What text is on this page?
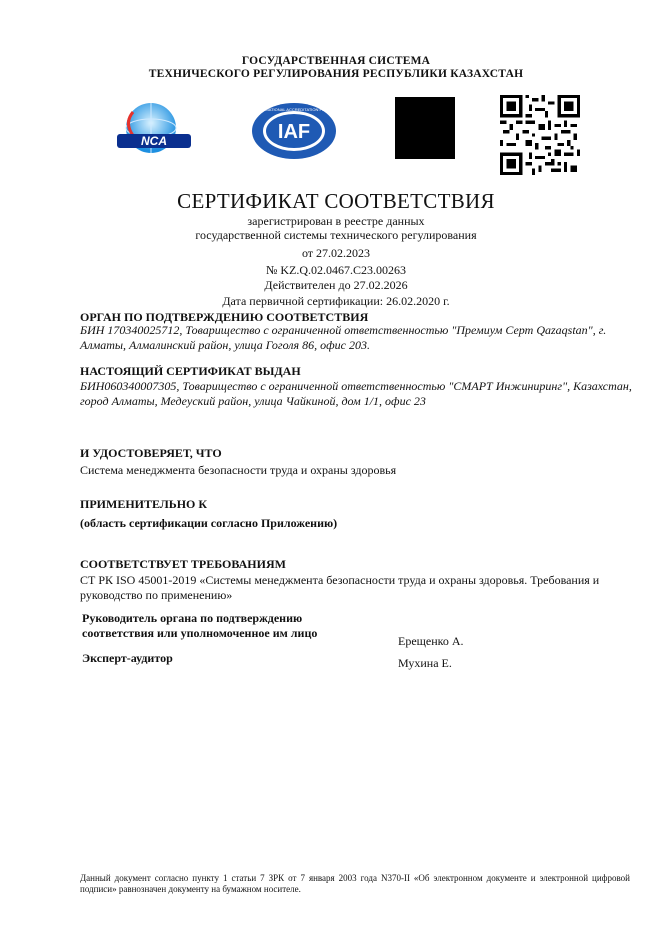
ГОСУДАРСТВЕННАЯ СИСТЕМА
ТЕХНИЧЕСКОГО РЕГУЛИРОВАНИЯ РЕСПУБЛИКИ КАЗАХСТАН
NCA	IAF
INTERNATIONAL ACCREDITATION FORUM
СЕРТИФИКАТ СООТВЕТСТВИЯ
зарегистрирован в реестре данных
государственной системы технического регулирования
от 27.02.2023
№ KZ.Q.02.0467.C23.00263
Действителен до 27.02.2026
Дата первичной сертификации: 26.02.2020 г.
ОРГАН ПО ПОДТВЕРЖДЕНИЮ СООТВЕТСТВИЯ
БИН 170340025712, Товарищество с ограниченной ответственностью "Премиум Серт Qazaqstan", г. Алматы, Алмалинский район, улица Гоголя 86, офис 203.
НАСТОЯЩИЙ СЕРТИФИКАТ ВЫДАН
БИН060340007305, Товарищество с ограниченной ответственностью "СМАРТ Инжиниринг", Казахстан, город Алматы, Медеуский район, улица Чайкиной, дом 1/1, офис 23
И УДОСТОВЕРЯЕТ, ЧТО
Система менеджмента безопасности труда и охраны здоровья
ПРИМЕНИТЕЛЬНО К
(область сертификации согласно Приложению)
СООТВЕТСТВУЕТ ТРЕБОВАНИЯМ
СТ РК ISO 45001-2019 «Системы менеджмента безопасности труда и охраны здоровья. Требования и руководство по применению»
Руководитель органа по подтверждению
соответствия или уполномоченное им лицо
Ерещенко А.
Эксперт-аудитор	Мухина Е.
Данный документ согласно пункту 1 статьи 7 ЗРК от 7 января 2003 года N370-II «Об электронном документе и электронной цифровой подписи» равнозначен документу на бумажном носителе.
